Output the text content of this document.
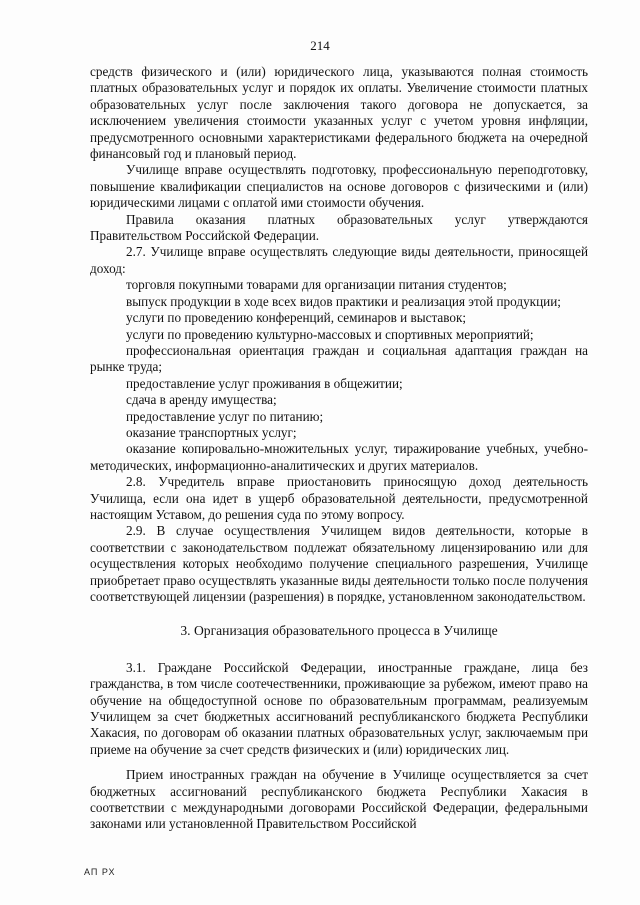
214

средств физического и (или) юридического лица, указываются полная стоимость платных образовательных услуг и порядок их оплаты. Увеличение стоимости платных образовательных услуг после заключения такого договора не допускается, за исключением увеличения стоимости указанных услуг с учетом уровня инфляции, предусмотренного основными характеристиками федерального бюджета на очередной финансовый год и плановый период.

Училище вправе осуществлять подготовку, профессиональную переподготовку, повышение квалификации специалистов на основе договоров с физическими и (или) юридическими лицами с оплатой ими стоимости обучения.

Правила оказания платных образовательных услуг утверждаются Правительством Российской Федерации.

2.7. Училище вправе осуществлять следующие виды деятельности, приносящей доход:

торговля покупными товарами для организации питания студентов;
выпуск продукции в ходе всех видов практики и реализация этой продукции;
услуги по проведению конференций, семинаров и выставок;
услуги по проведению культурно-массовых и спортивных мероприятий;
профессиональная ориентация граждан и социальная адаптация граждан на рынке труда;
предоставление услуг проживания в общежитии;
сдача в аренду имущества;
предоставление услуг по питанию;
оказание транспортных услуг;
оказание копировально-множительных услуг, тиражирование учебных, учебно-методических, информационно-аналитических и других материалов.

2.8. Учредитель вправе приостановить приносящую доход деятельность Училища, если она идет в ущерб образовательной деятельности, предусмотренной настоящим Уставом, до решения суда по этому вопросу.

2.9. В случае осуществления Училищем видов деятельности, которые в соответствии с законодательством подлежат обязательному лицензированию или для осуществления которых необходимо получение специального разрешения, Училище приобретает право осуществлять указанные виды деятельности только после получения соответствующей лицензии (разрешения) в порядке, установленном законодательством.

3. Организация образовательного процесса в Училище

3.1. Граждане Российской Федерации, иностранные граждане, лица без гражданства, в том числе соотечественники, проживающие за рубежом, имеют право на обучение на общедоступной основе по образовательным программам, реализуемым Училищем за счет бюджетных ассигнований республиканского бюджета Республики Хакасия, по договорам об оказании платных образовательных услуг, заключаемым при приеме на обучение за счет средств физических и (или) юридических лиц.

Прием иностранных граждан на обучение в Училище осуществляется за счет бюджетных ассигнований республиканского бюджета Республики Хакасия в соответствии с международными договорами Российской Федерации, федеральными законами или установленной Правительством Российской

АП РХ
